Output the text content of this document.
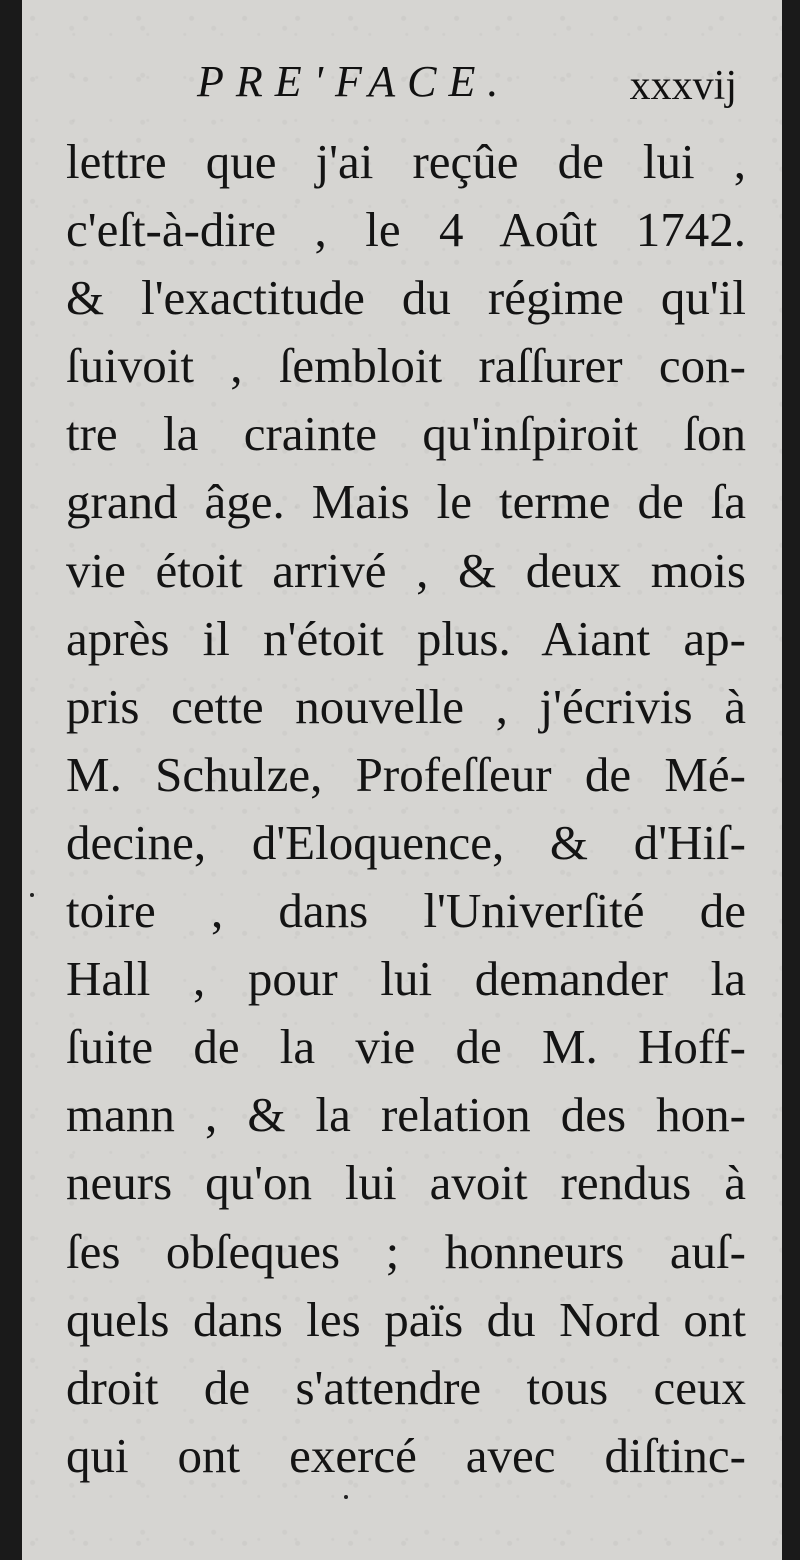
PRE'FACE.	xxxvij
lettre que j'ai reçûe de lui ,
c'eſt-à-dire , le 4 Août 1742.
& l'exactitude du régime qu'il
ſuivoit , ſembloit raſſurer con-
tre la crainte qu'inſpiroit ſon
grand âge. Mais le terme de ſa
vie étoit arrivé , & deux mois
après il n'étoit plus. Aiant ap-
pris cette nouvelle , j'écrivis à
M. Schulze, Profeſſeur de Mé-
decine, d'Eloquence, & d'Hiſ-
toire , dans l'Univerſité de
Hall , pour lui demander la
ſuite de la vie de M. Hoff-
mann , & la relation des hon-
neurs qu'on lui avoit rendus à
ſes obſeques ; honneurs auſ-
quels dans les païs du Nord ont
droit de s'attendre tous ceux
qui ont exercé avec diſtinc-
